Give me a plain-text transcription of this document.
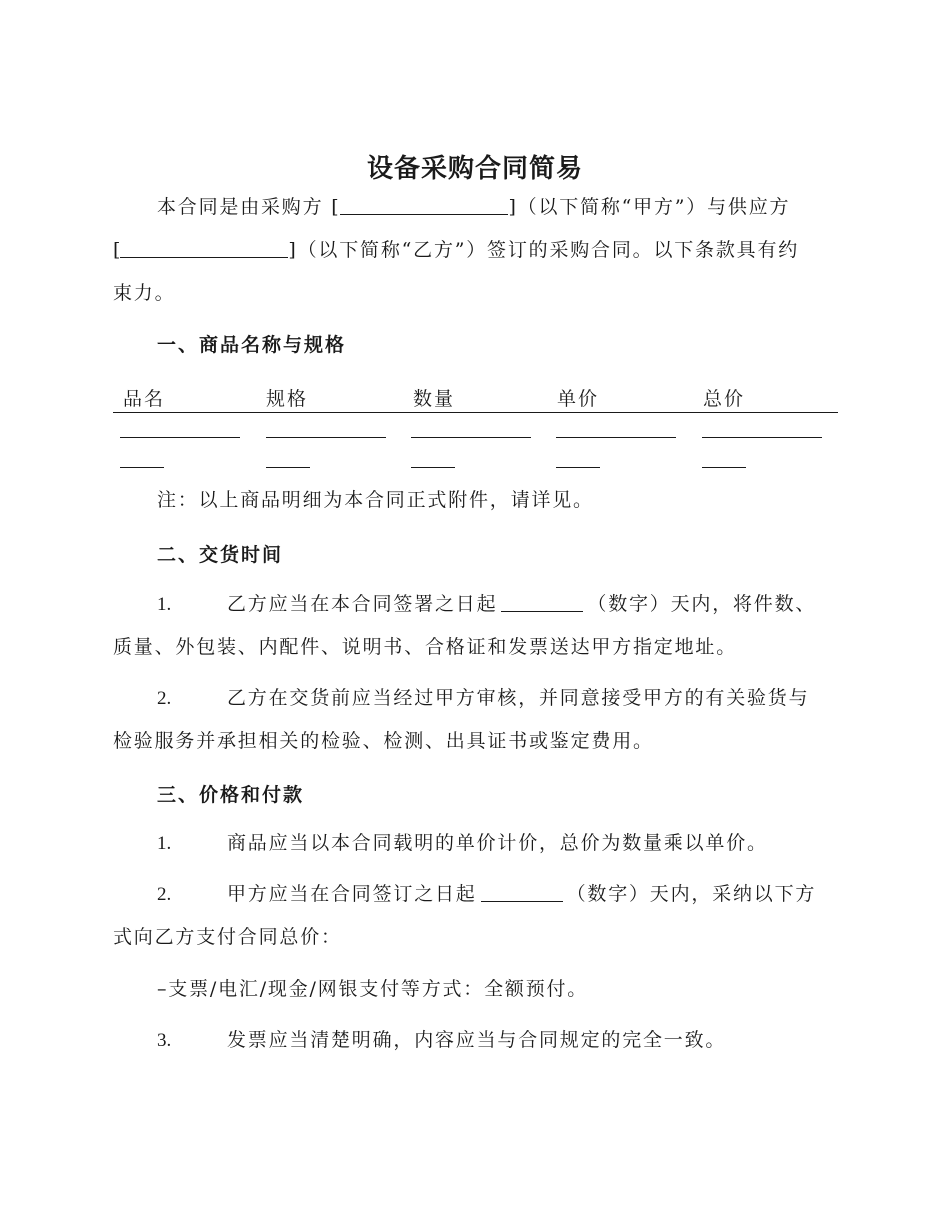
设备采购合同简易
本合同是由采购方 [	]（以下简称“甲方”）与供应方
[	]（以下简称“乙方”）签订的采购合同。以下条款具有约
束力。
一、商品名称与规格
品名	规格	数量	单价	总价
注：以上商品明细为本合同正式附件，请详见。
二、交货时间
1.	乙方应当在本合同签署之日起	（数字）天内，将件数、
质量、外包装、内配件、说明书、合格证和发票送达甲方指定地址。
2.	乙方在交货前应当经过甲方审核，并同意接受甲方的有关验货与
检验服务并承担相关的检验、检测、出具证书或鉴定费用。
三、价格和付款
1.	商品应当以本合同载明的单价计价，总价为数量乘以单价。
2.	甲方应当在合同签订之日起	（数字）天内，采纳以下方
式向乙方支付合同总价：
–支票/电汇/现金/网银支付等方式：全额预付。
3.	发票应当清楚明确，内容应当与合同规定的完全一致。
